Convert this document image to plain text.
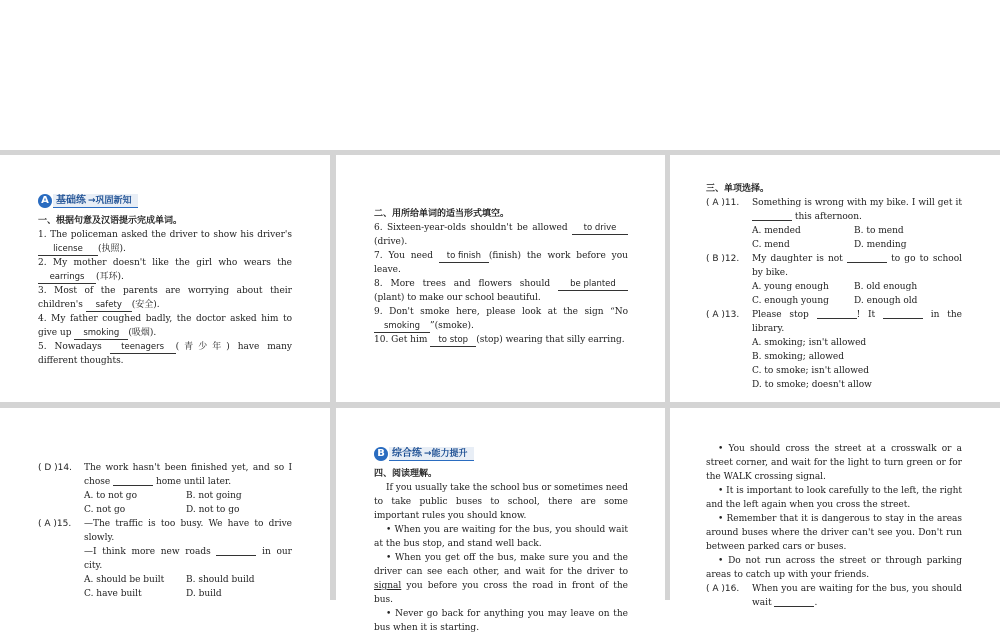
A 基础练 →巩固新知
一、根据句意及汉语提示完成单词。
1. The policeman asked the driver to show his driver's license (执照).
2. My mother doesn't like the girl who wears the earrings (耳环).
3. Most of the parents are worrying about their children's safety (安全).
4. My father coughed badly, the doctor asked him to give up smoking (吸烟).
5. Nowadays teenagers (青少年) have many different thoughts.
二、用所给单词的适当形式填空。
6. Sixteen-year-olds shouldn't be allowed to drive(drive).
7. You need to finish (finish) the work before you leave.
8. More trees and flowers should be planted(plant) to make our school beautiful.
9. Don't smoke here, please look at the sign “No smoking ”(smoke).
10. Get him to stop (stop) wearing that silly earring.
三、单项选择。
( A )11.	Something is wrong with my bike. I will get it  this afternoon.
A. mended	B. to mend
C. mend	D. mending
( B )12.	My daughter is not	to go to school by bike.
A. young enough	B. old enough
C. enough young	D. enough old
( A )13.	Please stop	! It	in the library.
A. smoking; isn't allowed
B. smoking; allowed
C. to smoke; isn't allowed
D. to smoke; doesn't allow
( D )14.	The work hasn't been finished yet, and so I chose	home until later.
A. to not go	B. not going
C. not go	D. not to go
( A )15.	—The traffic is too busy. We have to drive slowly.
—I think more new roads	in our city.
A. should be built	B. should build
C. have built	D. build
B 综合练 →能力提升
四、阅读理解。
If you usually take the school bus or sometimes need to take public buses to school, there are some important rules you should know.
• When you are waiting for the bus, you should wait at the bus stop, and stand well back.
• When you get off the bus, make sure you and the driver can see each other, and wait for the driver to signal you before you cross the road in front of the bus.
• Never go back for anything you may leave on the bus when it is starting.
• You should cross the street at a crosswalk or a street corner, and wait for the light to turn green or for the WALK crossing signal.
• It is important to look carefully to the left, the right and the left again when you cross the street.
• Remember that it is dangerous to stay in the areas around buses where the driver can't see you. Don't run between parked cars or buses.
• Do not run across the street or through parking areas to catch up with your friends.
( A )16.	When you are waiting for the bus, you should wait	.
